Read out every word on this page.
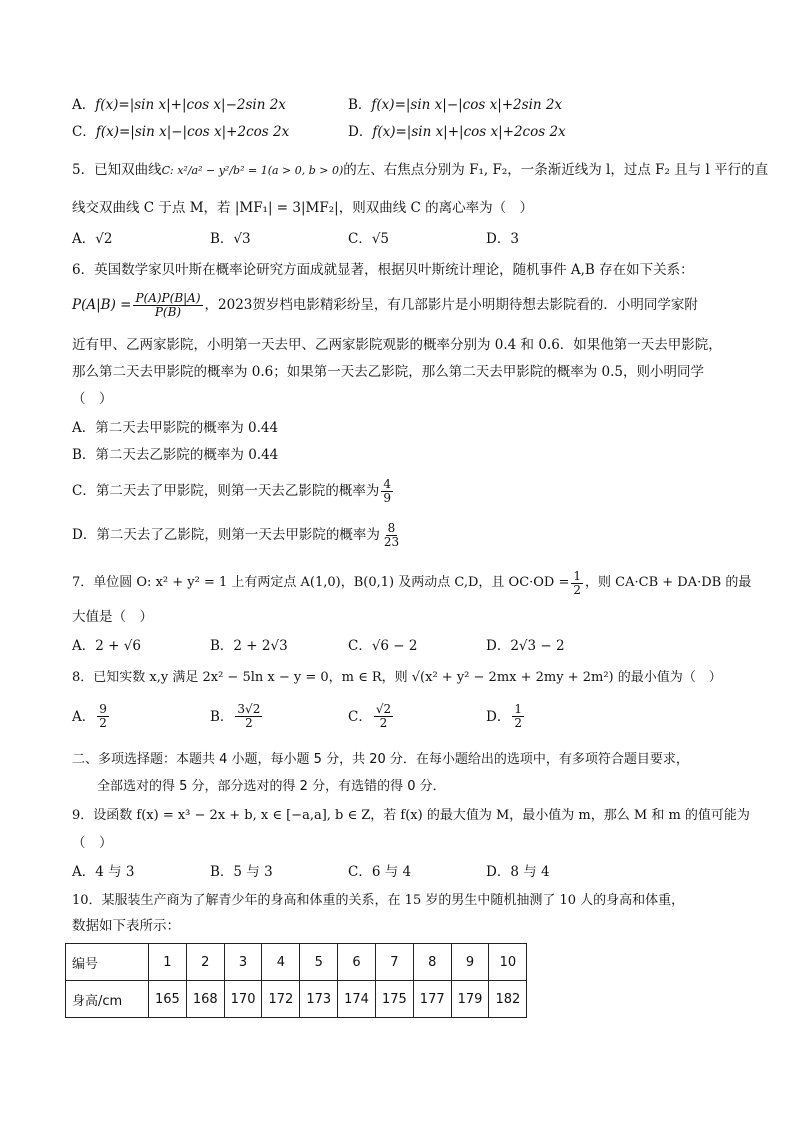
A．f(x)=|sin x|+|cos x|−2sin 2x	B．f(x)=|sin x|−|cos x|+2sin 2x
C．f(x)=|sin x|−|cos x|+2cos 2x	D．f(x)=|sin x|+|cos x|+2cos 2x
5．已知双曲线C: x²/a² − y²/b² = 1(a > 0, b > 0)的左、右焦点分别为 F₁, F₂，一条渐近线为 l，过点 F₂ 且与 l 平行的直
线交双曲线 C 于点 M，若 |MF₁| = 3|MF₂|，则双曲线 C 的离心率为（　）
A．√2	B．√3	C．√5	D．3
6．英国数学家贝叶斯在概率论研究方面成就显著，根据贝叶斯统计理论，随机事件 A,B 存在如下关系：
$P(A|B) = \frac{P(A)P(B|A)}{P(B)}$ ，2023贺岁档电影精彩纷呈，有几部影片是小明期待想去影院看的．小明同学家附
近有甲、乙两家影院，小明第一天去甲、乙两家影院观影的概率分别为 0.4 和 0.6．如果他第一天去甲影院，
那么第二天去甲影院的概率为 0.6；如果第一天去乙影院，那么第二天去甲影院的概率为 0.5，则小明同学
（　）
A．第二天去甲影院的概率为 0.44
B．第二天去乙影院的概率为 0.44
C．第二天去了甲影院，则第一天去乙影院的概率为 $\frac{4}{9}$
D．第二天去了乙影院，则第一天去甲影院的概率为 $\frac{8}{23}$
7．单位圆 O: x² + y² = 1 上有两定点 A(1,0)，B(0,1) 及两动点 C,D，且 $OC\cdot OD = \frac{1}{2}$ ，则 CA·CB + DA·DB 的最
大值是（　）
A．2 + √6	B．2 + 2√3	C．√6 − 2	D．2√3 − 2
8．已知实数 x,y 满足 2x² − 5ln x − y = 0，m ∈ R，则 √(x² + y² − 2mx + 2my + 2m²) 的最小值为（　）
A． $\frac{9}{2}$	B． $\frac{3√2}{2}$	C． $\frac{√2}{2}$	D． $\frac{1}{2}$
二、多项选择题：本题共 4 小题，每小题 5 分，共 20 分．在每小题给出的选项中，有多项符合题目要求，
全部选对的得 5 分，部分选对的得 2 分，有选错的得 0 分．
9．设函数 f(x) = x³ − 2x + b, x ∈ [−a,a], b ∈ Z，若 f(x) 的最大值为 M，最小值为 m，那么 M 和 m 的值可能为
（　）
A．4 与 3	B．5 与 3	C．6 与 4	D．8 与 4
10．某服装生产商为了解青少年的身高和体重的关系，在 15 岁的男生中随机抽测了 10 人的身高和体重，
数据如下表所示：
编号	1	2	3	4	5	6	7	8	9	10
身高/cm	165	168	170	172	173	174	175	177	179	182
